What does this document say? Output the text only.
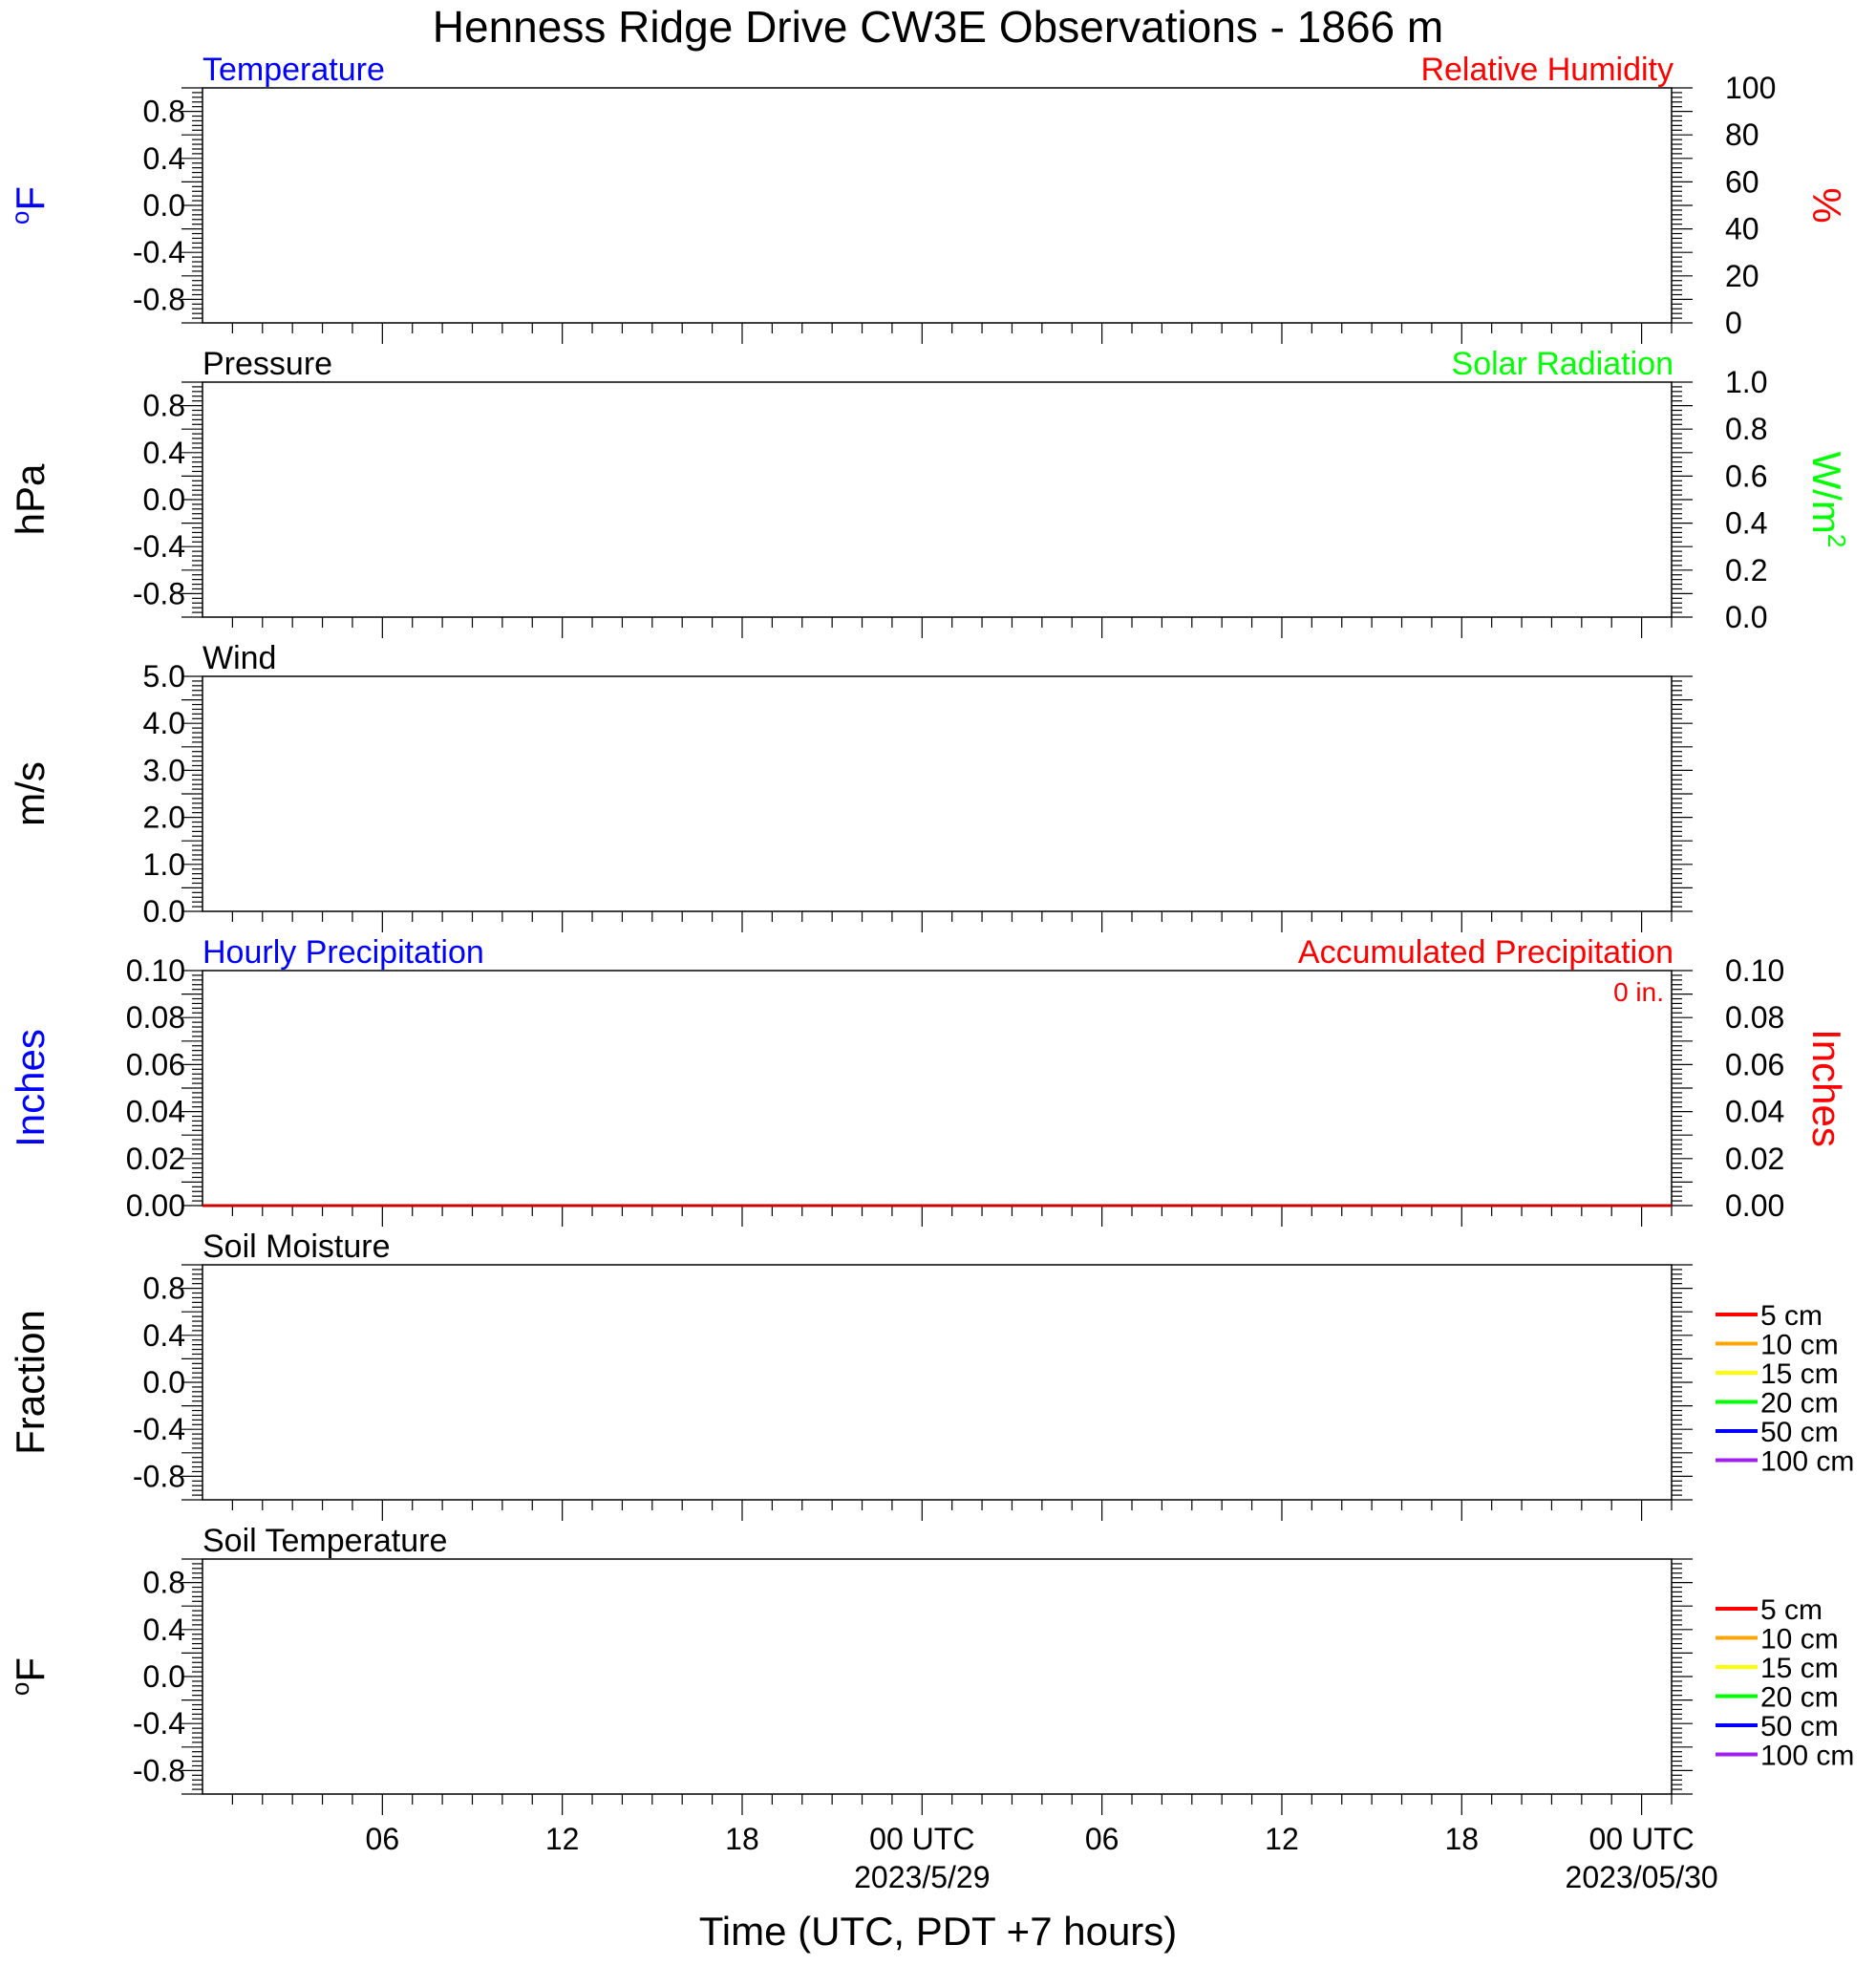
Henness Ridge Drive CW3E Observations - 1866 m
0.8
0.4
0.0
-0.4
-0.8
100
80
60
40
20
0
Temperature	Relative Humidity
$^o$F	%
0.8
0.4
0.0
-0.4
-0.8
1.0
0.8
0.6
0.4
0.2
0.0
Pressure	Solar Radiation
hPa	$W/m^2$
5.0
4.0
3.0
2.0
1.0
0.0
Wind
m/s
0.10
0.08
0.06
0.04
0.02
0.00
0.10
0.08
0.06
0.04
0.02
0.00
Hourly Precipitation	Accumulated Precipitation
0 in.
Inches	Inches
0.8
0.4
0.0
-0.4
-0.8
Soil Moisture
Fraction	5 cm
10 cm
15 cm
20 cm
50 cm
100 cm
0.8
0.4
0.0
-0.4
-0.8
Soil Temperature
$^o$F
5 cm
10 cm
15 cm
20 cm
50 cm
100 cm
06	12	18	00 UTC
2023/5/29
06	12	18	00 UTC
2023/05/30
Time (UTC, PDT +7 hours)
